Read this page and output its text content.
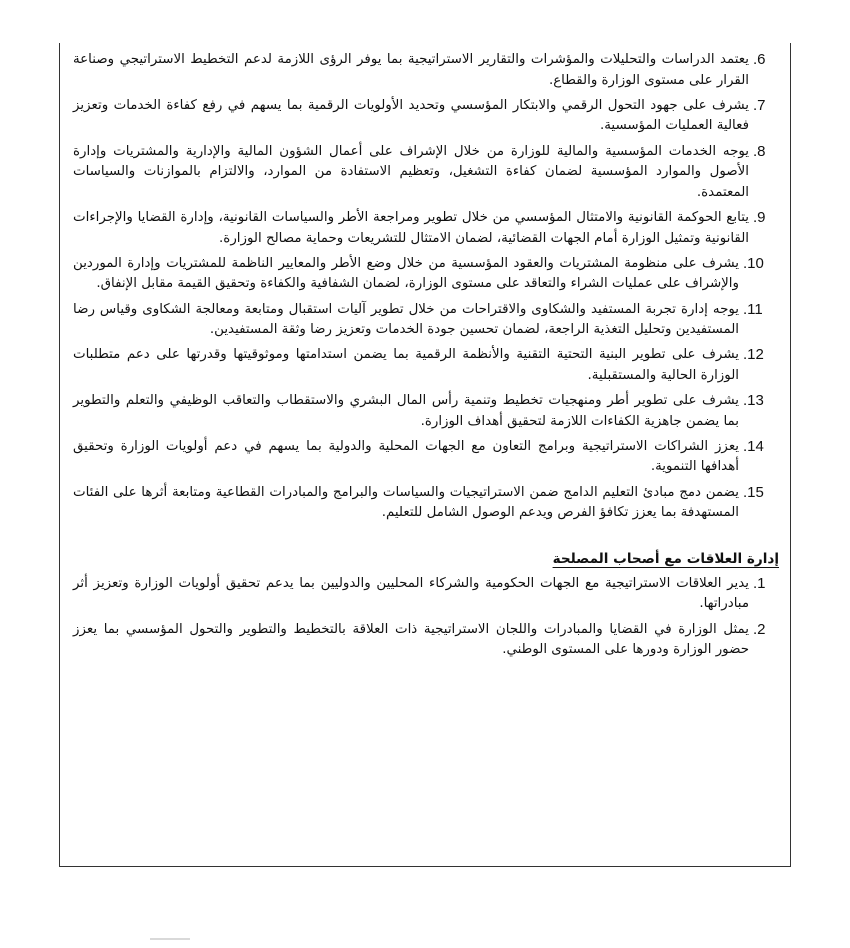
.6
يعتمد الدراسات والتحليلات والمؤشرات والتقارير الاستراتيجية بما يوفر الرؤى اللازمة لدعم التخطيط الاستراتيجي وصناعة القرار على مستوى الوزارة والقطاع.
.7
يشرف على جهود التحول الرقمي والابتكار المؤسسي وتحديد الأولويات الرقمية بما يسهم في رفع كفاءة الخدمات وتعزيز فعالية العمليات المؤسسية.
.8
يوجه الخدمات المؤسسية والمالية للوزارة من خلال الإشراف على أعمال الشؤون المالية والإدارية والمشتريات وإدارة الأصول والموارد المؤسسية لضمان كفاءة التشغيل، وتعظيم الاستفادة من الموارد، والالتزام بالموازنات والسياسات المعتمدة.
.9
يتابع الحوكمة القانونية والامتثال المؤسسي من خلال تطوير ومراجعة الأطر والسياسات القانونية، وإدارة القضايا والإجراءات القانونية وتمثيل الوزارة أمام الجهات القضائية، لضمان الامتثال للتشريعات وحماية مصالح الوزارة.
.10
يشرف على منظومة المشتريات والعقود المؤسسية من خلال وضع الأطر والمعايير الناظمة للمشتريات وإدارة الموردين والإشراف على عمليات الشراء والتعاقد على مستوى الوزارة، لضمان الشفافية والكفاءة وتحقيق القيمة مقابل الإنفاق.
.11
يوجه إدارة تجربة المستفيد والشكاوى والاقتراحات من خلال تطوير آليات استقبال ومتابعة ومعالجة الشكاوى وقياس رضا المستفيدين وتحليل التغذية الراجعة، لضمان تحسين جودة الخدمات وتعزيز رضا وثقة المستفيدين.
.12
يشرف على تطوير البنية التحتية التقنية والأنظمة الرقمية بما يضمن استدامتها وموثوقيتها وقدرتها على دعم متطلبات الوزارة الحالية والمستقبلية.
.13
يشرف على تطوير أطر ومنهجيات تخطيط وتنمية رأس المال البشري والاستقطاب والتعاقب الوظيفي والتعلم والتطوير بما يضمن جاهزية الكفاءات اللازمة لتحقيق أهداف الوزارة.
.14
يعزز الشراكات الاستراتيجية وبرامج التعاون مع الجهات المحلية والدولية بما يسهم في دعم أولويات الوزارة وتحقيق أهدافها التنموية.
.15
يضمن دمج مبادئ التعليم الدامج ضمن الاستراتيجيات والسياسات والبرامج والمبادرات القطاعية ومتابعة أثرها على الفئات المستهدفة بما يعزز تكافؤ الفرص ويدعم الوصول الشامل للتعليم.
إدارة العلاقات مع أصحاب المصلحة
.1
يدير العلاقات الاستراتيجية مع الجهات الحكومية والشركاء المحليين والدوليين بما يدعم تحقيق أولويات الوزارة وتعزيز أثر مبادراتها.
.2
يمثل الوزارة في القضايا والمبادرات واللجان الاستراتيجية ذات العلاقة بالتخطيط والتطوير والتحول المؤسسي بما يعزز حضور الوزارة ودورها على المستوى الوطني.
